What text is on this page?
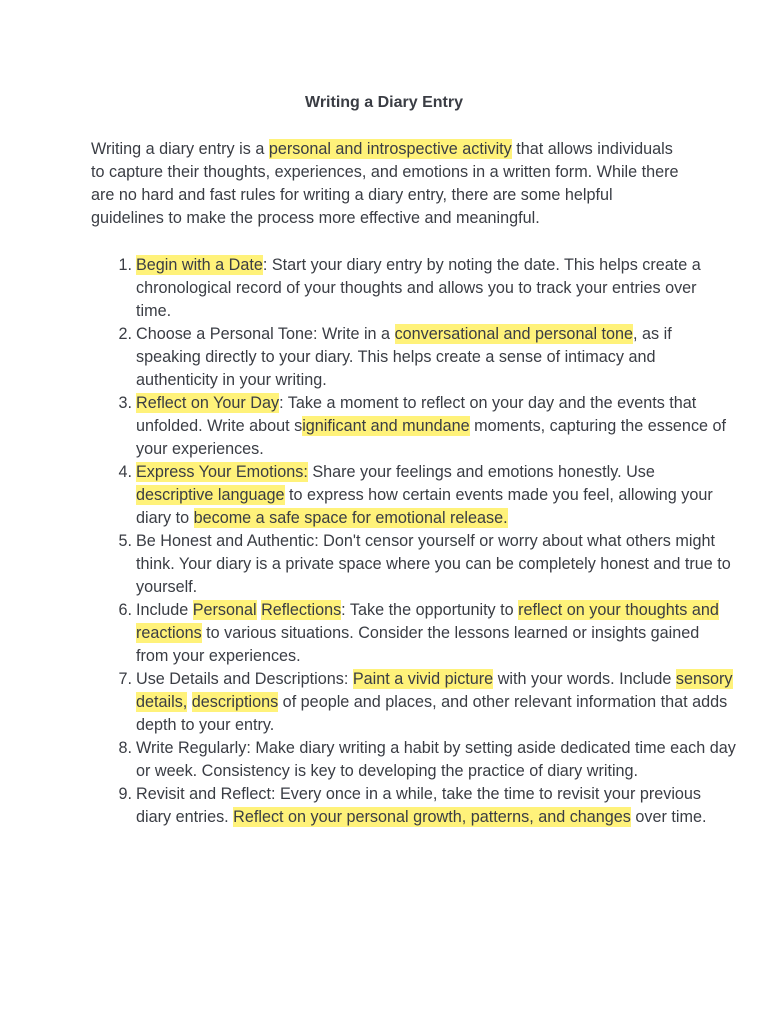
Writing a Diary Entry

Writing a diary entry is a personal and introspective activity that allows individuals to capture their thoughts, experiences, and emotions in a written form. While there are no hard and fast rules for writing a diary entry, there are some helpful guidelines to make the process more effective and meaningful.

1. Begin with a Date: Start your diary entry by noting the date. This helps create a chronological record of your thoughts and allows you to track your entries over time.
2. Choose a Personal Tone: Write in a conversational and personal tone, as if speaking directly to your diary. This helps create a sense of intimacy and authenticity in your writing.
3. Reflect on Your Day: Take a moment to reflect on your day and the events that unfolded. Write about significant and mundane moments, capturing the essence of your experiences.
4. Express Your Emotions: Share your feelings and emotions honestly. Use descriptive language to express how certain events made you feel, allowing your diary to become a safe space for emotional release.
5. Be Honest and Authentic: Don't censor yourself or worry about what others might think. Your diary is a private space where you can be completely honest and true to yourself.
6. Include Personal Reflections: Take the opportunity to reflect on your thoughts and reactions to various situations. Consider the lessons learned or insights gained from your experiences.
7. Use Details and Descriptions: Paint a vivid picture with your words. Include sensory details, descriptions of people and places, and other relevant information that adds depth to your entry.
8. Write Regularly: Make diary writing a habit by setting aside dedicated time each day or week. Consistency is key to developing the practice of diary writing.
9. Revisit and Reflect: Every once in a while, take the time to revisit your previous diary entries. Reflect on your personal growth, patterns, and changes over time.
